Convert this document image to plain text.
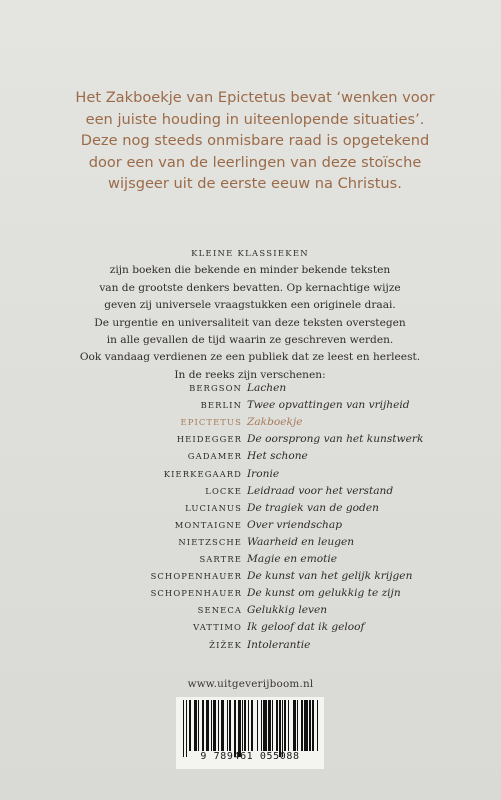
Het Zakboekje van Epictetus bevat ‘wenken voor
een juiste houding in uiteenlopende situaties’.
Deze nog steeds onmisbare raad is opgetekend
door een van de leerlingen van deze stoïsche
wijsgeer uit de eerste eeuw na Christus.
KLEINE KLASSIEKEN
zijn boeken die bekende en minder bekende teksten
van de grootste denkers bevatten. Op kernachtige wijze
geven zij universele vraagstukken een originele draai.
De urgentie en universaliteit van deze teksten overstegen
in alle gevallen de tijd waarin ze geschreven werden.
Ook vandaag verdienen ze een publiek dat ze leest en herleest.
In de reeks zijn verschenen:
BERGSON Lachen
BERLIN Twee opvattingen van vrijheid
EPICTETUS Zakboekje
HEIDEGGER De oorsprong van het kunstwerk
GADAMER Het schone
KIERKEGAARD Ironie
LOCKE Leidraad voor het verstand
LUCIANUS De tragiek van de goden
MONTAIGNE Over vriendschap
NIETZSCHE Waarheid en leugen
SARTRE Magie en emotie
SCHOPENHAUER De kunst van het gelijk krijgen
SCHOPENHAUER De kunst om gelukkig te zijn
SENECA Gelukkig leven
VATTIMO Ik geloof dat ik geloof
ŽIŽEK Intolerantie
www.uitgeverijboom.nl
9 789461 055088
